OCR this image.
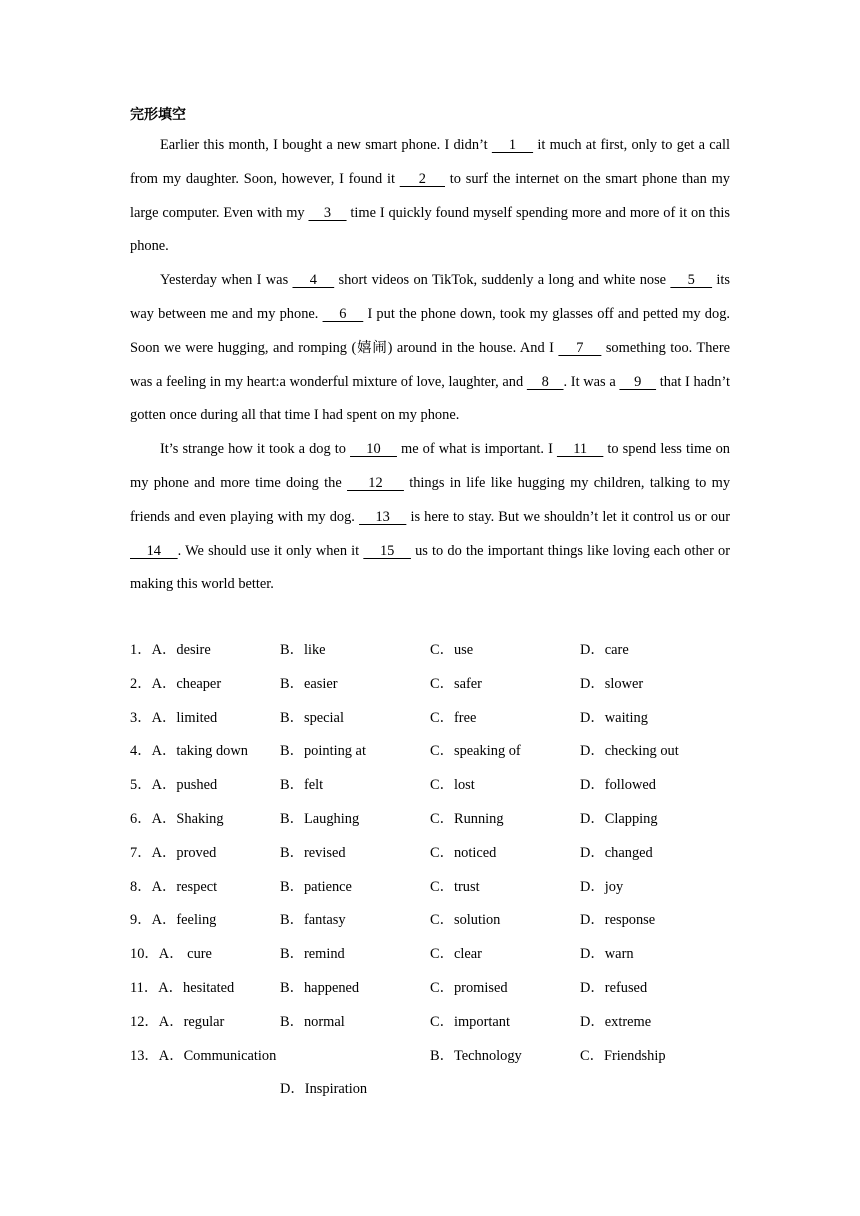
完形填空

Earlier this month, I bought a new smart phone. I didn’t     1     it much at first, only to get a call from my daughter. Soon, however, I found it     2     to surf the internet on the smart phone than my large computer. Even with my     3     time I quickly found myself spending more and more of it on this phone.

Yesterday when I was     4     short videos on TikTok, suddenly a long and white nose     5     its way between me and my phone.     6     I put the phone down, took my glasses off and petted my dog. Soon we were hugging, and romping (嬉闹) around in the house. And I     7     something too. There was a feeling in my heart:a wonderful mixture of love, laughter, and     8    . It was a     9     that I hadn’t gotten once during all that time I had spent on my phone.

It’s strange how it took a dog to     10     me of what is important. I     11     to spend less time on my phone and more time doing the     12     things in life like hugging my children, talking to my friends and even playing with my dog.     13     is here to stay. But we shouldn’t let it control us or our     14    . We should use it only when it     15     us to do the important things like loving each other or making this world better.

1．A．desire	B．like	C．use	D．care
2．A．cheaper	B．easier	C．safer	D．slower
3．A．limited	B．special	C．free	D．waiting
4．A．taking down B．pointing at	C．speaking of	D．checking out
5．A．pushed	B．felt	C．lost	D．followed
6．A．Shaking	B．Laughing	C．Running	D．Clapping
7．A．proved	B．revised	C．noticed	D．changed
8．A．respect	B．patience	C．trust	D．joy
9．A．feeling	B．fantasy	C．solution	D．response
10．A． cure	B．remind	C．clear	D．warn
11．A．hesitated	B．happened	C．promised	D．refused
12．A．regular	B．normal	C．important	D．extreme
13．A．Communication	B．Technology	C．Friendship
D．Inspiration
